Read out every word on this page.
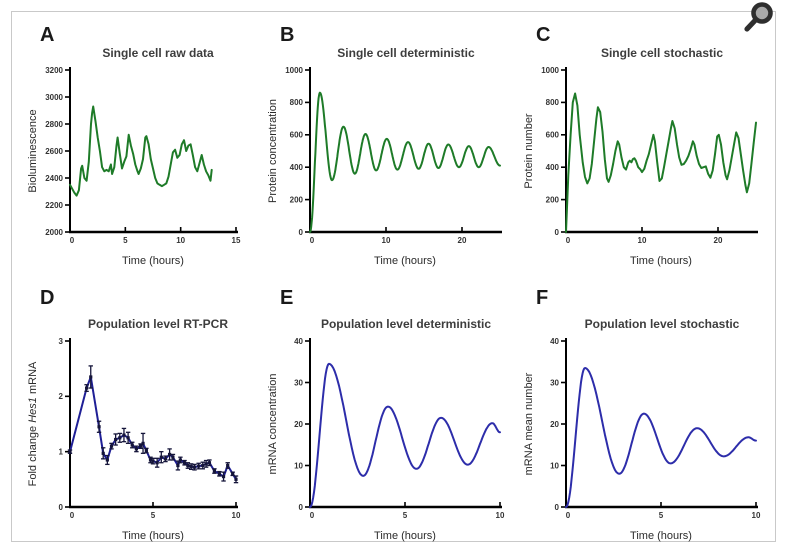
A
Single cell raw data
2000
2200
2400
2600
2800
3000
3200
0	5	10	15
Time (hours)
Bioluminescence
B
Single cell deterministic
0
200
400
600
800
1000
0	10	20
Time (hours)
Protein concentration
C
Single cell stochastic
0
200
400
600
800
1000
0	10	20
Time (hours)
Protein number
D
Population level RT-PCR
0
1
2
3
0	5	10
Time (hours)
Fold change Hes1 mRNA
E
Population level deterministic
0
10
20
30
40
0	5	10
Time (hours)
mRNA concentration
F
Population level stochastic
0
10
20
30
40
0	5	10
Time (hours)
mRNA mean number
